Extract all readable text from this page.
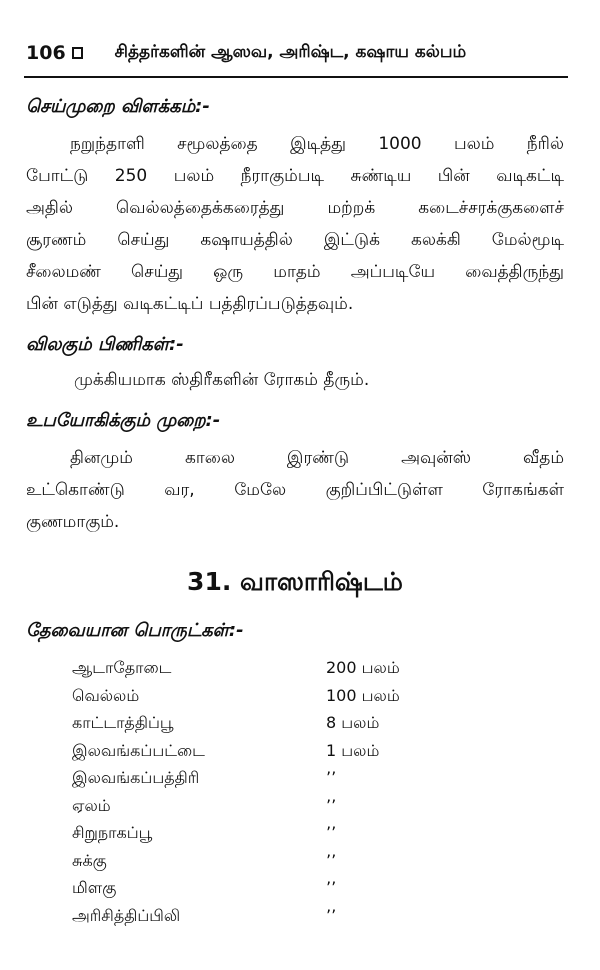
106	சித்தர்களின் ஆஸவ, அரிஷ்ட, கஷாய கல்பம்

செய்முறை விளக்கம்:-

நறுந்தாளி சமூலத்தை இடித்து 1000 பலம் நீரில்
போட்டு 250 பலம் நீராகும்படி சுண்டிய பின் வடிகட்டி
அதில் வெல்லத்தைக்கரைத்து மற்றக் கடைச்சரக்குகளைச்
சூரணம் செய்து கஷாயத்தில் இட்டுக் கலக்கி மேல்மூடி
சீலைமண் செய்து ஒரு மாதம் அப்படியே வைத்திருந்து
பின் எடுத்து வடிகட்டிப் பத்திரப்படுத்தவும்.

விலகும் பிணிகள்:-

முக்கியமாக ஸ்திரீகளின் ரோகம் தீரும்.

உபயோகிக்கும் முறை:-

தினமும் காலை இரண்டு அவுன்ஸ் வீதம்
உட்கொண்டு வர, மேலே குறிப்பிட்டுள்ள ரோகங்கள்
குணமாகும்.
31. வாஸாரிஷ்டம்

தேவையான பொருட்கள்:-

ஆடாதோடை	200 பலம்
வெல்லம்	100 பலம்
காட்டாத்திப்பூ	8 பலம்
இலவங்கப்பட்டை	1 பலம்
இலவங்கப்பத்திரி	’’
ஏலம்	’’
சிறுநாகப்பூ	’’
சுக்கு	’’
மிளகு	’’
அரிசித்திப்பிலி	’’
